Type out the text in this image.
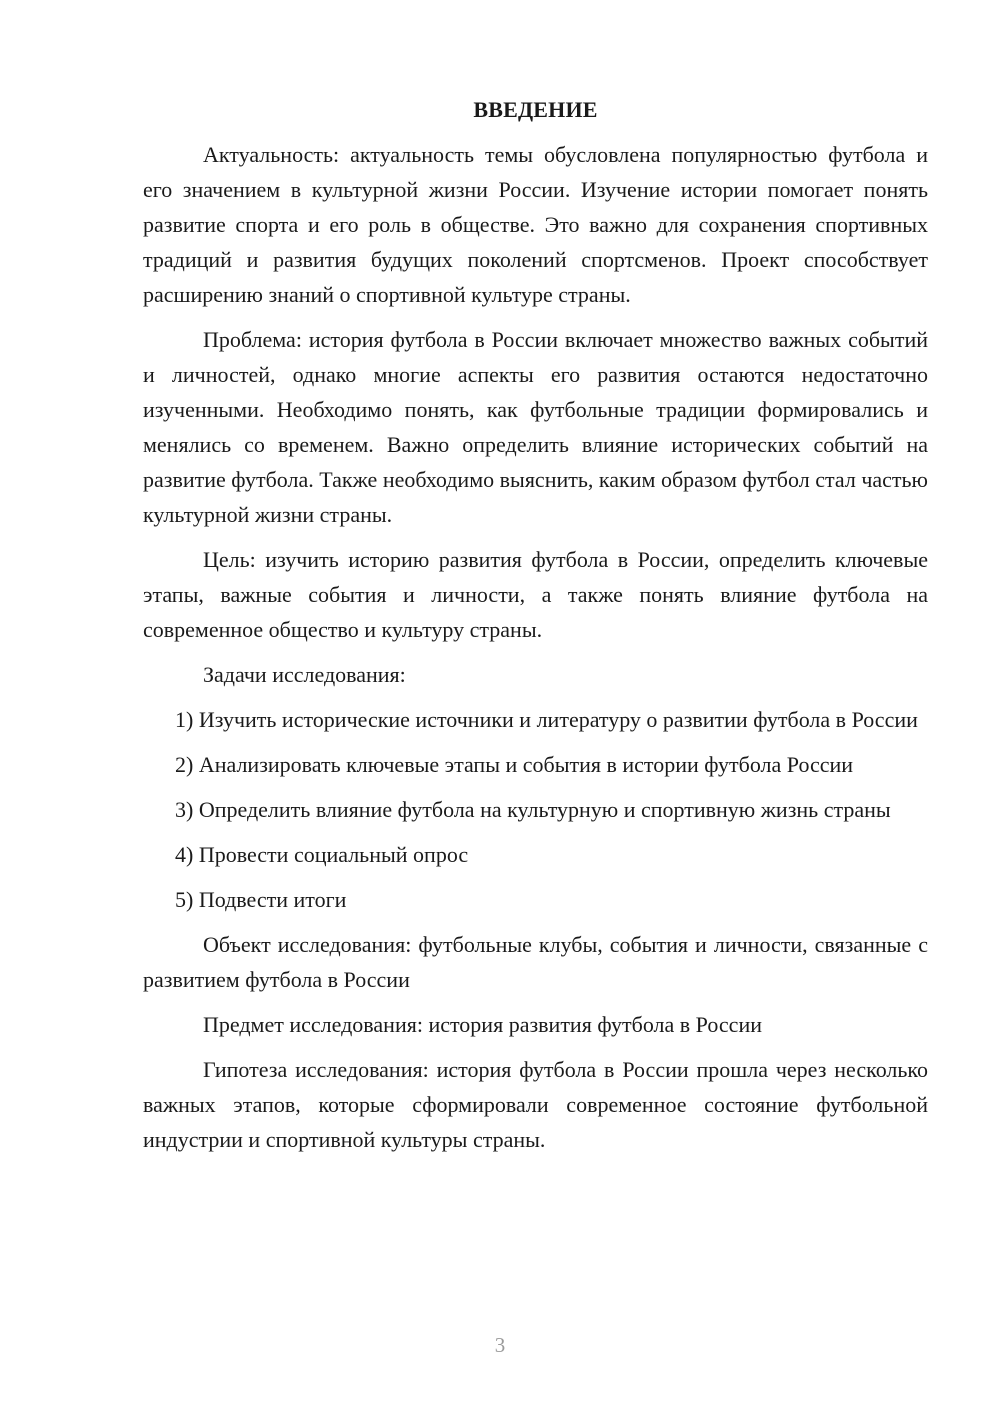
ВВЕДЕНИЕ

Актуальность: актуальность темы обусловлена популярностью футбола и его значением в культурной жизни России. Изучение истории помогает понять развитие спорта и его роль в обществе. Это важно для сохранения спортивных традиций и развития будущих поколений спортсменов. Проект способствует расширению знаний о спортивной культуре страны.

Проблема: история футбола в России включает множество важных событий и личностей, однако многие аспекты его развития остаются недостаточно изученными. Необходимо понять, как футбольные традиции формировались и менялись со временем. Важно определить влияние исторических событий на развитие футбола. Также необходимо выяснить, каким образом футбол стал частью культурной жизни страны.

Цель: изучить историю развития футбола в России, определить ключевые этапы, важные события и личности, а также понять влияние футбола на современное общество и культуру страны.

Задачи исследования:

1) Изучить исторические источники и литературу о развитии футбола в России

2) Анализировать ключевые этапы и события в истории футбола России

3) Определить влияние футбола на культурную и спортивную жизнь страны

4) Провести социальный опрос

5) Подвести итоги

Объект исследования: футбольные клубы, события и личности, связанные с развитием футбола в России

Предмет исследования: история развития футбола в России

Гипотеза исследования: история футбола в России прошла через несколько важных этапов, которые сформировали современное состояние футбольной индустрии и спортивной культуры страны.

3
